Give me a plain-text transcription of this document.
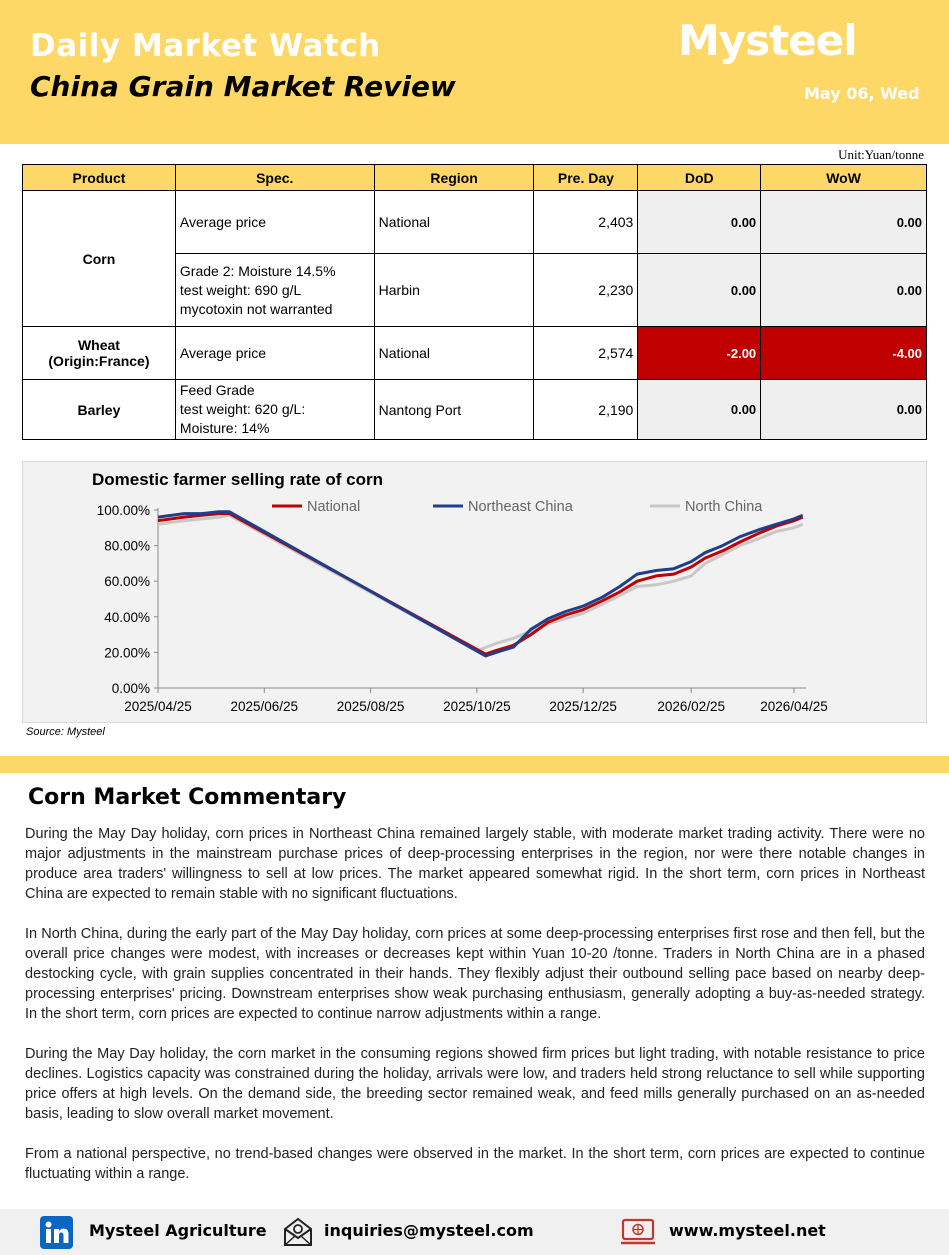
Daily Market Watch
China Grain Market Review
Mysteel
May 06, Wed
Unit:Yuan/tonne
Product	Spec.	Region	Pre. Day	DoD	WoW
Corn	Average price	National	2,403	0.00	0.00

	Grade 2: Moisture 14.5%
test weight: 690 g/L
mycotoxin not warranted	Harbin	2,230	0.00	0.00

Wheat
(Origin:France)	Average price	National	2,574	-2.00	-4.00
Barley	Feed Grade
test weight: 620 g/L:
Moisture: 14%	Nantong Port	2,190	0.00	0.00
Domestic farmer selling rate of corn
0.00%
20.00%
40.00%
60.00%
80.00%
100.00%
2025/04/25	2025/06/25	2025/08/25	2025/10/25	2025/12/25	2026/02/25	2026/04/25
National	Northeast China	North China
Source: Mysteel
Corn Market Commentary
During the May Day holiday, corn prices in Northeast China remained largely stable, with moderate market trading activity. There were no major adjustments in the mainstream purchase prices of deep-processing enterprises in the region, nor were there notable changes in produce area traders' willingness to sell at low prices. The market appeared somewhat rigid. In the short term, corn prices in Northeast China are expected to remain stable with no significant fluctuations.
In North China, during the early part of the May Day holiday, corn prices at some deep-processing enterprises first rose and then fell, but the overall price changes were modest, with increases or decreases kept within Yuan 10-20 /tonne. Traders in North China are in a phased destocking cycle, with grain supplies concentrated in their hands. They flexibly adjust their outbound selling pace based on nearby deep-processing enterprises' pricing. Downstream enterprises show weak purchasing enthusiasm, generally adopting a buy-as-needed strategy. In the short term, corn prices are expected to continue narrow adjustments within a range.
During the May Day holiday, the corn market in the consuming regions showed firm prices but light trading, with notable resistance to price declines. Logistics capacity was constrained during the holiday, arrivals were low, and traders held strong reluctance to sell while supporting price offers at high levels. On the demand side, the breeding sector remained weak, and feed mills generally purchased on an as-needed basis, leading to slow overall market movement.
From a national perspective, no trend-based changes were observed in the market. In the short term, corn prices are expected to continue fluctuating within a range.
Mysteel Agriculture	inquiries@mysteel.com	www.mysteel.net
